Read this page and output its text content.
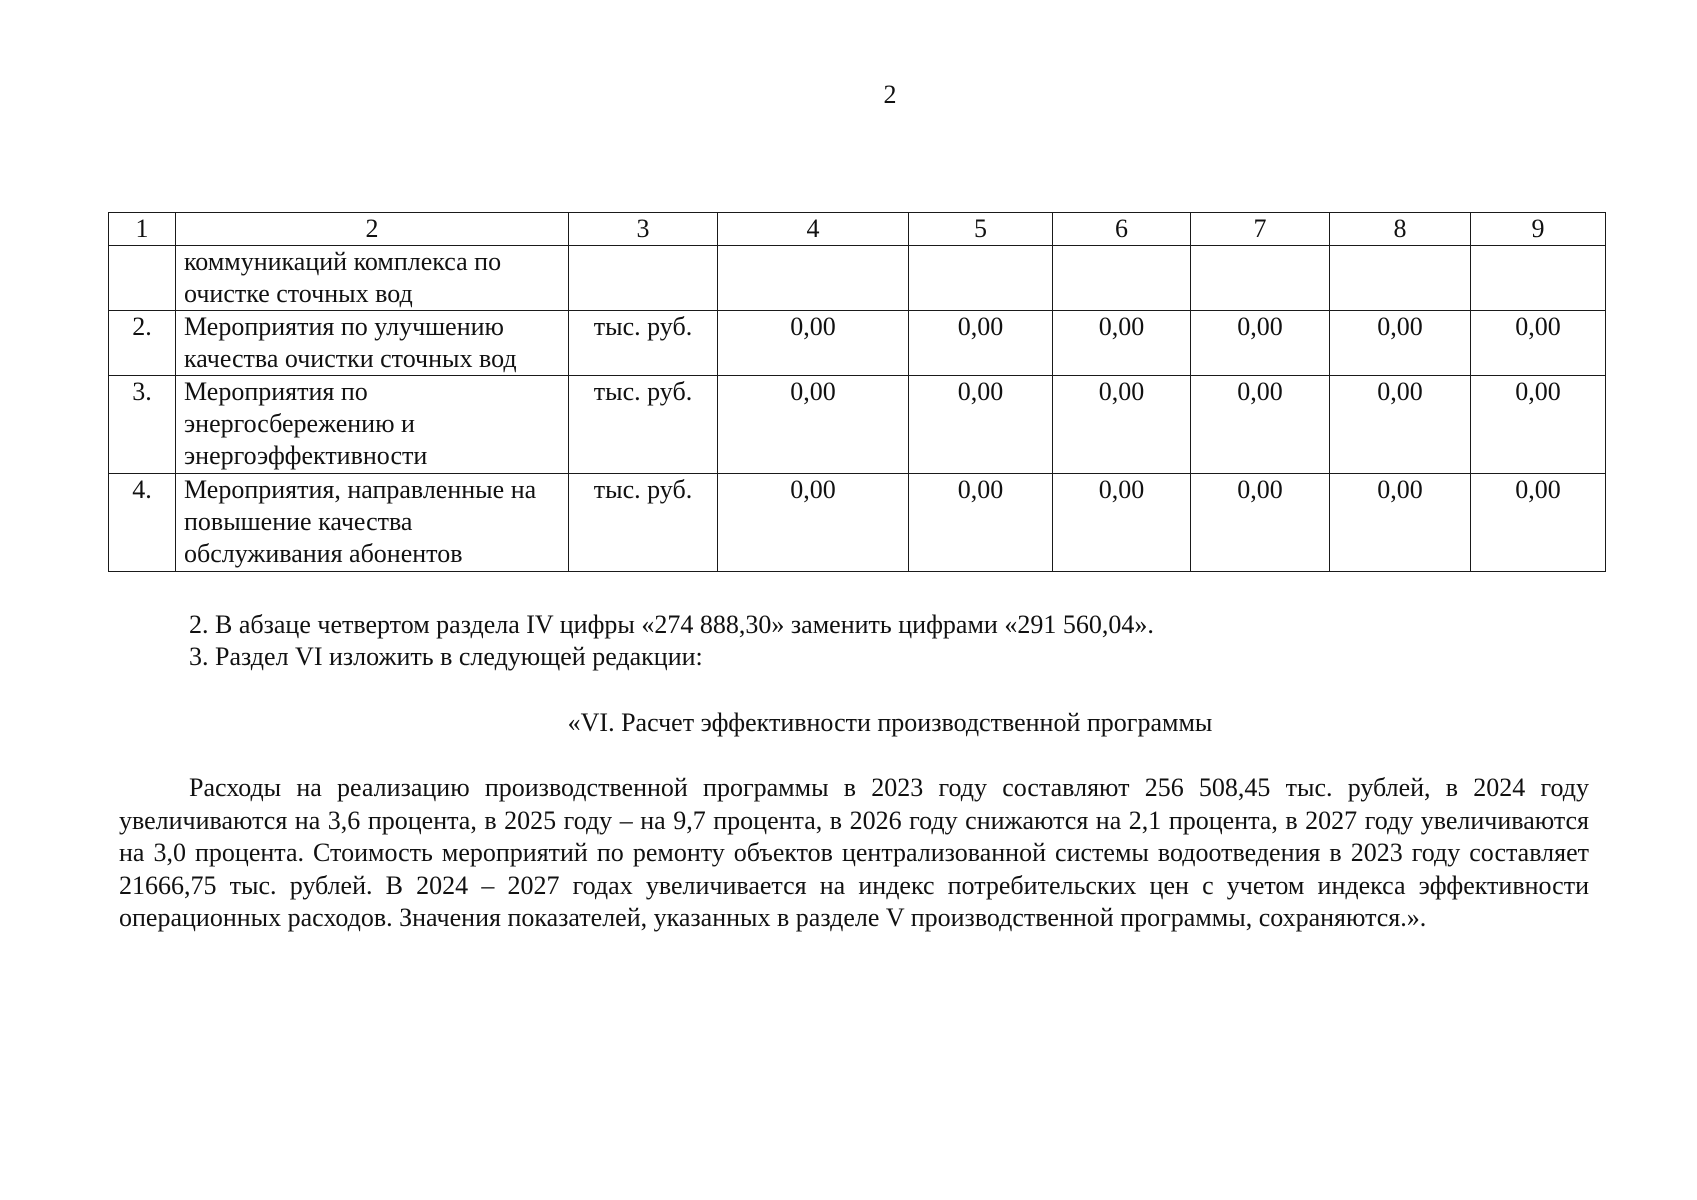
2
1	2	3	4	5	6	7	8	9
	коммуникаций комплекса по очистке сточных вод							
2.	Мероприятия по улучшению качества очистки сточных вод	тыс. руб.	0,00	0,00	0,00	0,00	0,00	0,00
3.	Мероприятия по энергосбережению и энергоэффективности	тыс. руб.	0,00	0,00	0,00	0,00	0,00	0,00
4.	Мероприятия, направленные на повышение качества обслуживания абонентов	тыс. руб.	0,00	0,00	0,00	0,00	0,00	0,00
2. В абзаце четвертом раздела IV цифры «274 888,30» заменить цифрами «291 560,04».
3. Раздел VI изложить в следующей редакции:
«VI. Расчет эффективности производственной программы
Расходы на реализацию производственной программы в 2023 году составляют 256 508,45 тыс. рублей, в 2024 году увеличиваются на 3,6 процента, в 2025 году – на 9,7 процента, в 2026 году снижаются на 2,1 процента, в 2027 году увеличиваются на 3,0 процента. Стоимость мероприятий по ремонту объектов централизованной системы водоотведения в 2023 году составляет 21666,75 тыс. рублей. В 2024 – 2027 годах увеличивается на индекс потребительских цен с учетом индекса эффективности операционных расходов. Значения показателей, указанных в разделе V производственной программы, сохраняются.».
